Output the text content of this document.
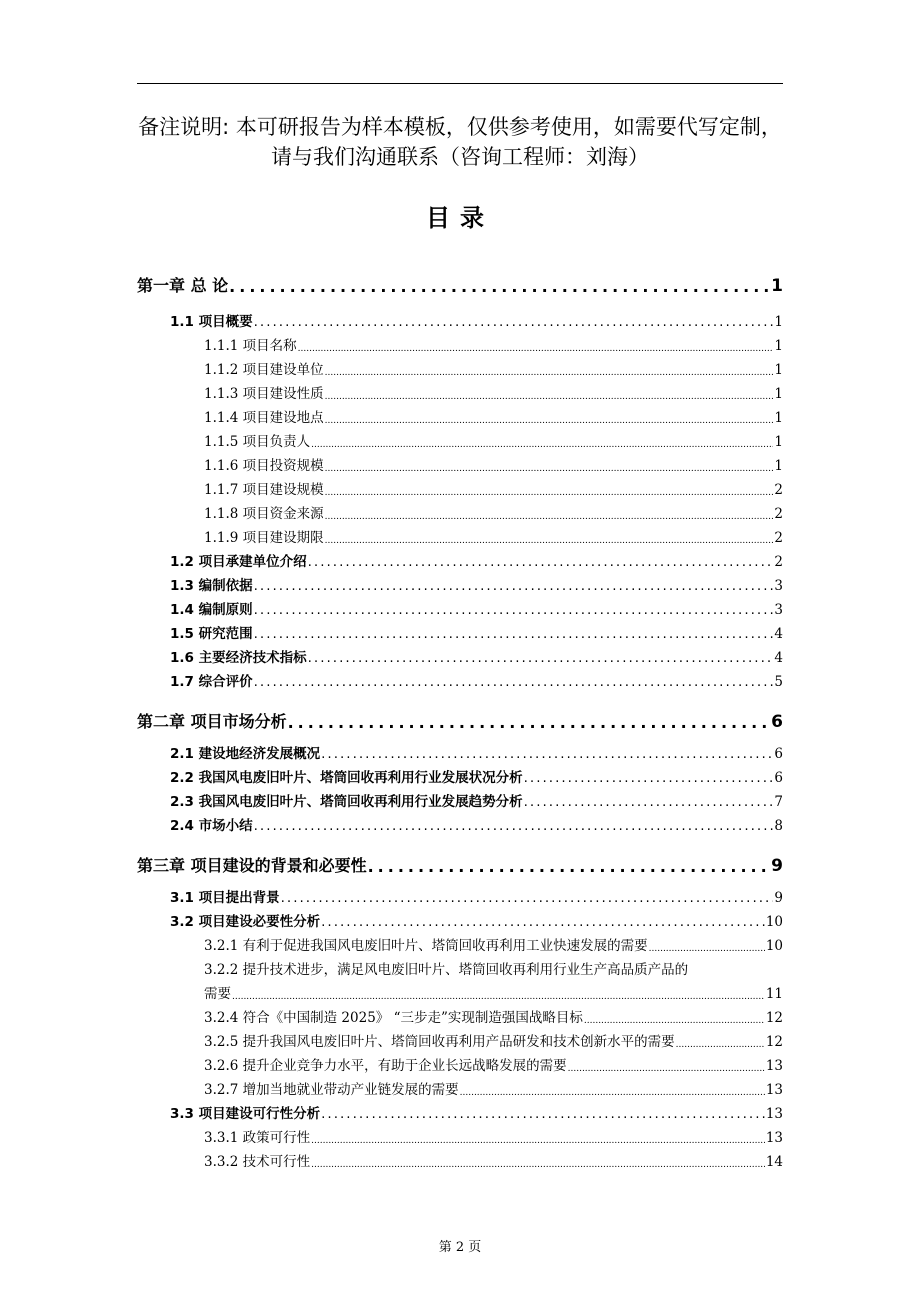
备注说明: 本可研报告为样本模板，仅供参考使用，如需要代写定制，
请与我们沟通联系（咨询工程师：刘海）
目录
第一章 总 论 .....	1
1.1 项目概要 .....	1
1.1.1 项目名称 .....	1
1.1.2 项目建设单位 .....	1
1.1.3 项目建设性质 .....	1
1.1.4 项目建设地点 .....	1
1.1.5 项目负责人 .....	1
1.1.6 项目投资规模 .....	1
1.1.7 项目建设规模 .....	2
1.1.8 项目资金来源 .....	2
1.1.9 项目建设期限 .....	2
1.2 项目承建单位介绍 .....	2
1.3 编制依据 .....	3
1.4 编制原则 .....	3
1.5 研究范围 .....	4
1.6 主要经济技术指标 .....	4
1.7 综合评价 .....	5
第二章 项目市场分析 .....	6
2.1 建设地经济发展概况 .....	6
2.2 我国风电废旧叶片、塔筒回收再利用行业发展状况分析 .....	6
2.3 我国风电废旧叶片、塔筒回收再利用行业发展趋势分析 .....	7
2.4 市场小结 .....	8
第三章 项目建设的背景和必要性 .....	9
3.1 项目提出背景 .....	9
3.2 项目建设必要性分析 .....	10
3.2.1 有利于促进我国风电废旧叶片、塔筒回收再利用工业快速发展的需要 .....	10
3.2.2 提升技术进步，满足风电废旧叶片、塔筒回收再利用行业生产高品质产品的
需要 .....	11
3.2.4 符合《中国制造 2025》 “三步走”实现制造强国战略目标 .....	12
3.2.5 提升我国风电废旧叶片、塔筒回收再利用产品研发和技术创新水平的需要 .....	12
3.2.6 提升企业竞争力水平，有助于企业长远战略发展的需要 .....	13
3.2.7 增加当地就业带动产业链发展的需要 .....	13
3.3 项目建设可行性分析 .....	13
3.3.1 政策可行性 .....	13
3.3.2 技术可行性 .....	14
第 2 页
